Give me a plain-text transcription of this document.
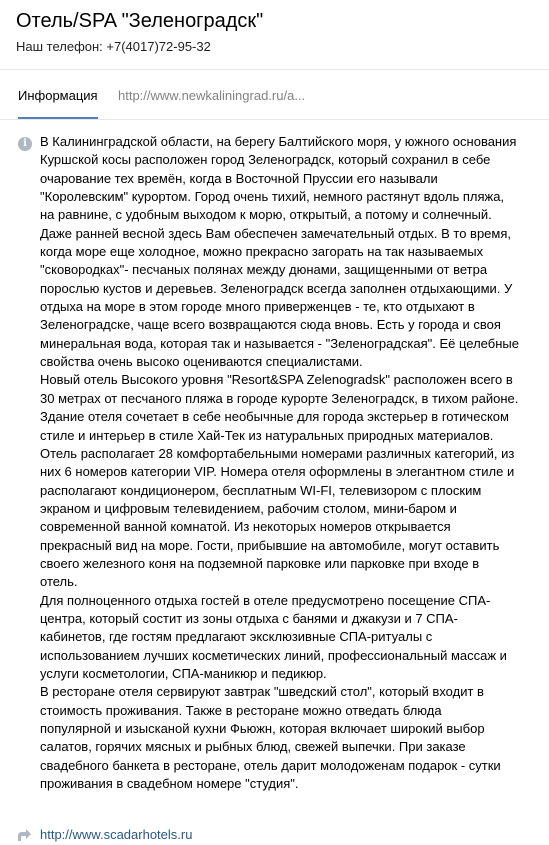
Отель/SPA "Зеленоградск"
Наш телефон: +7(4017)72-95-32
Информация http://www.newkaliningrad.ru/a...
i	В Калининградской области, на берегу Балтийского моря, у южного основания
Куршской косы расположен город Зеленоградск, который сохранил в себе
очарование тех времён, когда в Восточной Пруссии его называли
"Королевским" курортом. Город очень тихий, немного растянут вдоль пляжа,
на равнине, с удобным выходом к морю, открытый, а потому и солнечный.
Даже ранней весной здесь Вам обеспечен замечательный отдых. В то время,
когда море еще холодное, можно прекрасно загорать на так называемых
"сковородках"- песчаных полянах между дюнами, защищенными от ветра
порослью кустов и деревьев. Зеленоградск всегда заполнен отдыхающими. У
отдыха на море в этом городе много приверженцев - те, кто отдыхают в
Зеленоградске, чаще всего возвращаются сюда вновь. Есть у города и своя
минеральная вода, которая так и называется - "Зеленоградская". Её целебные
свойства очень высоко оцениваются специалистами.

Новый отель Высокого уровня "Resort&SPA Zelenogradsk" расположен всего в
30 метрах от песчаного пляжа в городе курорте Зеленоградск, в тихом районе.
Здание отеля сочетает в себе необычные для города экстерьер в готическом
стиле и интерьер в стиле Хай-Тек из натуральных природных материалов.
Отель располагает 28 комфортабельными номерами различных категорий, из
них 6 номеров категории VIP. Номера отеля оформлены в элегантном стиле и
располагают кондиционером, бесплатным WI-FI, телевизором с плоским
экраном и цифровым телевидением, рабочим столом, мини-баром и
современной ванной комнатой. Из некоторых номеров открывается
прекрасный вид на море. Гости, прибывшие на автомобиле, могут оставить
своего железного коня на подземной парковке или парковке при входе в
отель.

Для полноценного отдыха гостей в отеле предусмотрено посещение СПА-
центра, который состит из зоны отдыха с банями и джакузи и 7 СПА-
кабинетов, где гостям предлагают эксклюзивные СПА-ритуалы с
использованием лучших косметических линий, профессиональный массаж и
услуги косметологии, СПА-маникюр и педикюр.

В ресторане отеля сервируют завтрак "шведский стол", который входит в
стоимость проживания. Также в ресторане можно отведать блюда
популярной и изысканой кухни Фьюжн, которая включает широкий выбор
салатов, горячих мясных и рыбных блюд, свежей выпечки. При заказе
свадебного банкета в ресторане, отель дарит молодоженам подарок - сутки
проживания в свадебном номере "студия".

http://www.scadarhotels.ru
